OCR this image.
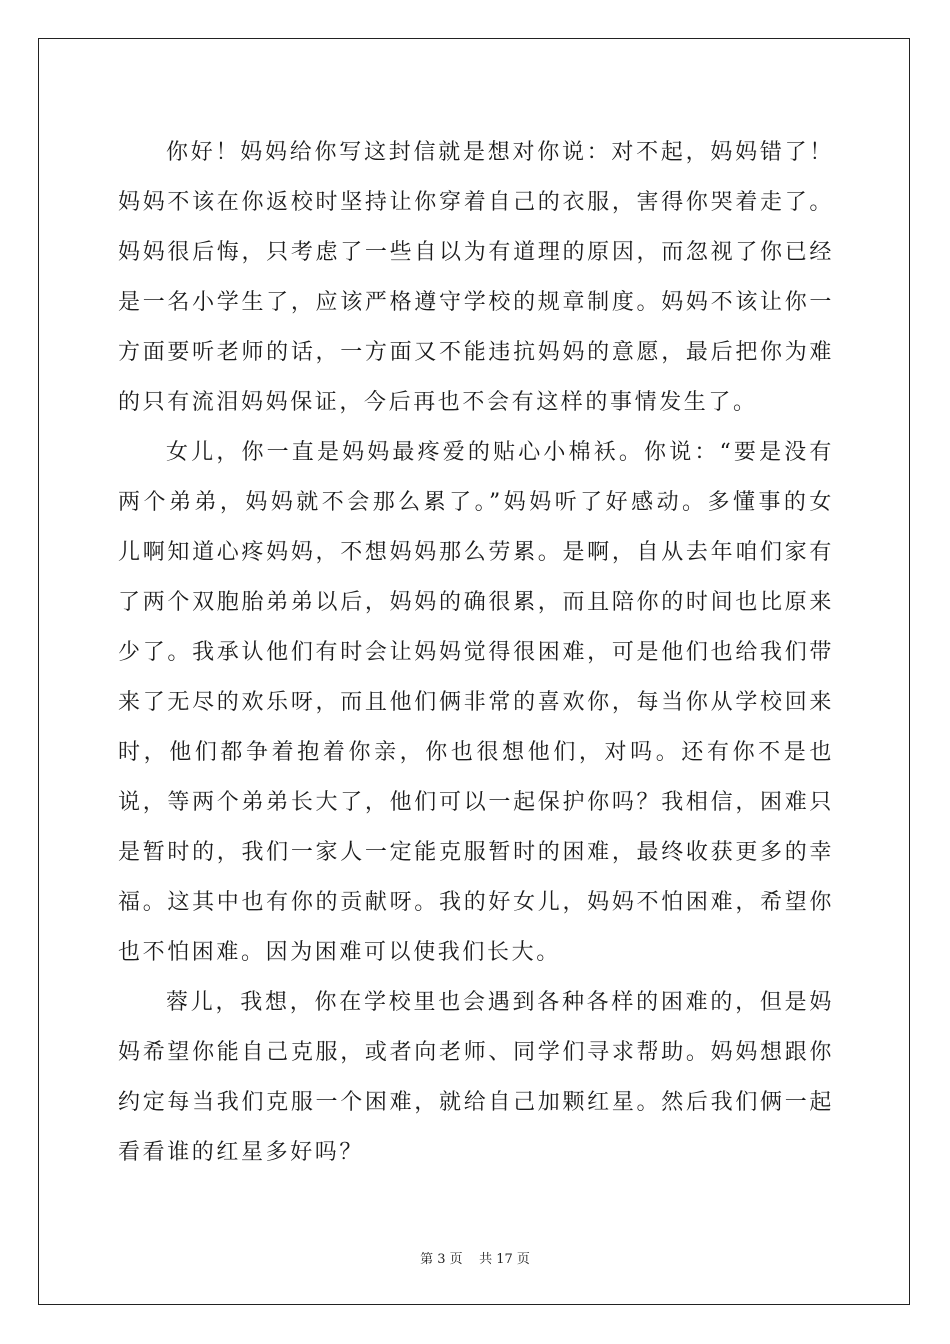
你好！妈妈给你写这封信就是想对你说：对不起，妈妈错了！妈妈不该在你返校时坚持让你穿着自己的衣服，害得你哭着走了。妈妈很后悔，只考虑了一些自以为有道理的原因，而忽视了你已经是一名小学生了，应该严格遵守学校的规章制度。妈妈不该让你一方面要听老师的话，一方面又不能违抗妈妈的意愿，最后把你为难的只有流泪妈妈保证，今后再也不会有这样的事情发生了。

女儿，你一直是妈妈最疼爱的贴心小棉袄。你说：“要是没有两个弟弟，妈妈就不会那么累了。”妈妈听了好感动。多懂事的女儿啊知道心疼妈妈，不想妈妈那么劳累。是啊，自从去年咱们家有了两个双胞胎弟弟以后，妈妈的确很累，而且陪你的时间也比原来少了。我承认他们有时会让妈妈觉得很困难，可是他们也给我们带来了无尽的欢乐呀，而且他们俩非常的喜欢你，每当你从学校回来时，他们都争着抱着你亲，你也很想他们，对吗。还有你不是也说，等两个弟弟长大了，他们可以一起保护你吗？我相信，困难只是暂时的，我们一家人一定能克服暂时的困难，最终收获更多的幸福。这其中也有你的贡献呀。我的好女儿，妈妈不怕困难，希望你也不怕困难。因为困难可以使我们长大。

蓉儿，我想，你在学校里也会遇到各种各样的困难的，但是妈妈希望你能自己克服，或者向老师、同学们寻求帮助。妈妈想跟你约定每当我们克服一个困难，就给自己加颗红星。然后我们俩一起看看谁的红星多好吗？

第 3 页    共 17 页
